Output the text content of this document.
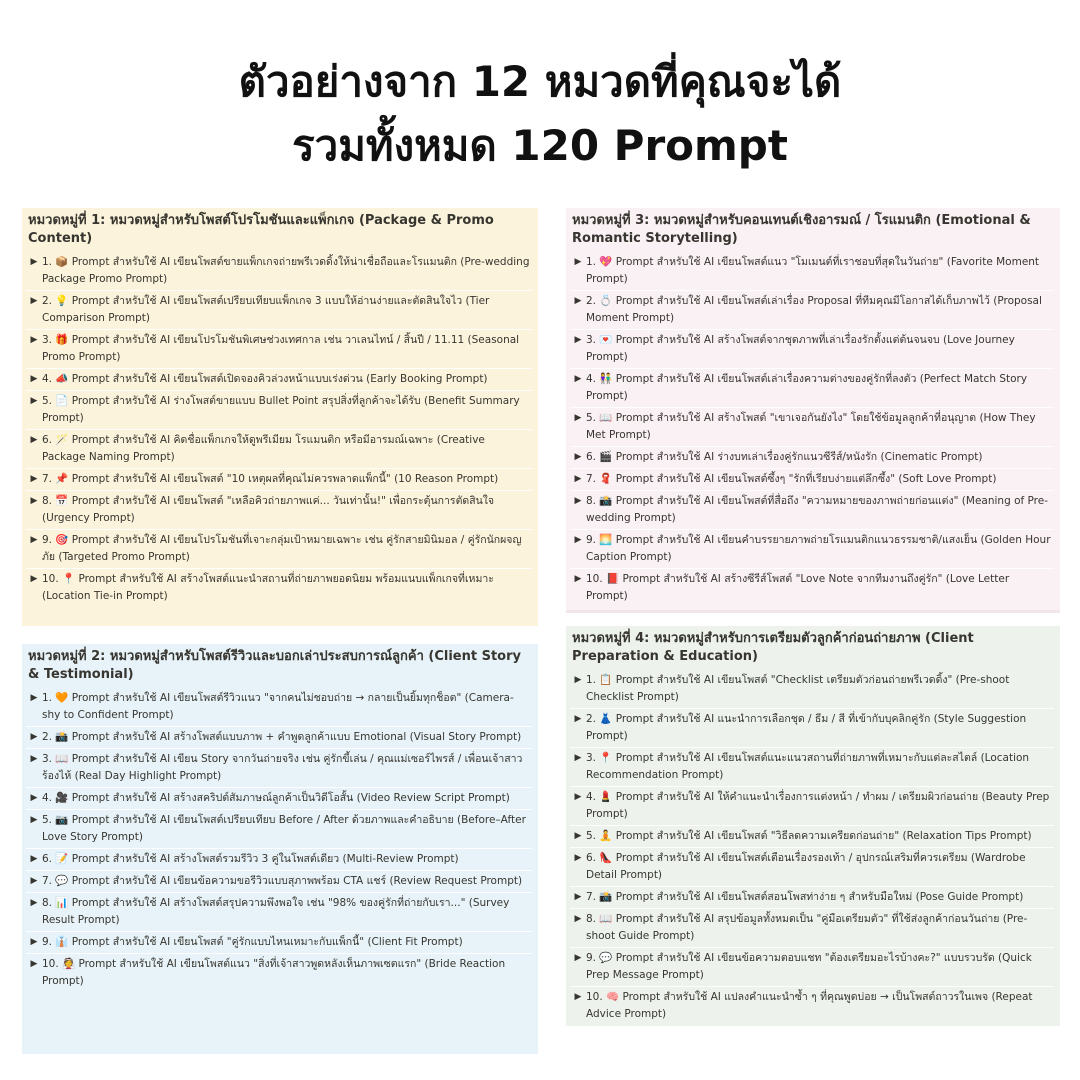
ตัวอย่างจาก 12 หมวดที่คุณจะได้
รวมทั้งหมด 120 Prompt
หมวดหมู่ที่ 1: หมวดหมู่สำหรับโพสต์โปรโมชันและแพ็กเกจ (Package & Promo Content)
▶ 1. 📦 Prompt สำหรับใช้ AI เขียนโพสต์ขายแพ็กเกจถ่ายพรีเวดดิ้งให้น่าเชื่อถือและโรแมนติก (Pre-wedding Package Promo Prompt)
▶ 2. 💡 Prompt สำหรับใช้ AI เขียนโพสต์เปรียบเทียบแพ็กเกจ 3 แบบให้อ่านง่ายและตัดสินใจไว (Tier Comparison Prompt)
▶ 3. 🎁 Prompt สำหรับใช้ AI เขียนโปรโมชันพิเศษช่วงเทศกาล เช่น วาเลนไทน์ / สิ้นปี / 11.11 (Seasonal Promo Prompt)
▶ 4. 📣 Prompt สำหรับใช้ AI เขียนโพสต์เปิดจองคิวล่วงหน้าแบบเร่งด่วน (Early Booking Prompt)
▶ 5. 📄 Prompt สำหรับใช้ AI ร่างโพสต์ขายแบบ Bullet Point สรุปสิ่งที่ลูกค้าจะได้รับ (Benefit Summary Prompt)
▶ 6. 🪄 Prompt สำหรับใช้ AI คิดชื่อแพ็กเกจให้ดูพรีเมียม โรแมนติก หรือมีอารมณ์เฉพาะ (Creative Package Naming Prompt)
▶ 7. 📌 Prompt สำหรับใช้ AI เขียนโพสต์ "10 เหตุผลที่คุณไม่ควรพลาดแพ็กนี้" (10 Reason Prompt)
▶ 8. 📅 Prompt สำหรับใช้ AI เขียนโพสต์ "เหลือคิวถ่ายภาพแค่... วันเท่านั้น!" เพื่อกระตุ้นการตัดสินใจ (Urgency Prompt)
▶ 9. 🎯 Prompt สำหรับใช้ AI เขียนโปรโมชันที่เจาะกลุ่มเป้าหมายเฉพาะ เช่น คู่รักสายมินิมอล / คู่รักนักผจญภัย (Targeted Promo Prompt)
▶ 10. 📍 Prompt สำหรับใช้ AI สร้างโพสต์แนะนำสถานที่ถ่ายภาพยอดนิยม พร้อมแนบแพ็กเกจที่เหมาะ (Location Tie-in Prompt)
หมวดหมู่ที่ 2: หมวดหมู่สำหรับโพสต์รีวิวและบอกเล่าประสบการณ์ลูกค้า (Client Story & Testimonial)
▶ 1. 🧡 Prompt สำหรับใช้ AI เขียนโพสต์รีวิวแนว "จากคนไม่ชอบถ่าย → กลายเป็นยิ้มทุกช็อต" (Camera-shy to Confident Prompt)
▶ 2. 📸 Prompt สำหรับใช้ AI สร้างโพสต์แบบภาพ + คำพูดลูกค้าแบบ Emotional (Visual Story Prompt)
▶ 3. 📖 Prompt สำหรับใช้ AI เขียน Story จากวันถ่ายจริง เช่น คู่รักขี้เล่น / คุณแม่เซอร์ไพรส์ / เพื่อนเจ้าสาวร้องไห้ (Real Day Highlight Prompt)
▶ 4. 🎥 Prompt สำหรับใช้ AI สร้างสคริปต์สัมภาษณ์ลูกค้าเป็นวิดีโอสั้น (Video Review Script Prompt)
▶ 5. 📷 Prompt สำหรับใช้ AI เขียนโพสต์เปรียบเทียบ Before / After ด้วยภาพและคำอธิบาย (Before–After Love Story Prompt)
▶ 6. 📝 Prompt สำหรับใช้ AI สร้างโพสต์รวมรีวิว 3 คู่ในโพสต์เดียว (Multi-Review Prompt)
▶ 7. 💬 Prompt สำหรับใช้ AI เขียนข้อความขอรีวิวแบบสุภาพพร้อม CTA แชร์ (Review Request Prompt)
▶ 8. 📊 Prompt สำหรับใช้ AI สร้างโพสต์สรุปความพึงพอใจ เช่น "98% ของคู่รักที่ถ่ายกับเรา..." (Survey Result Prompt)
▶ 9. 👔 Prompt สำหรับใช้ AI เขียนโพสต์ "คู่รักแบบไหนเหมาะกับแพ็กนี้" (Client Fit Prompt)
▶ 10. 👰 Prompt สำหรับใช้ AI เขียนโพสต์แนว "สิ่งที่เจ้าสาวพูดหลังเห็นภาพเซตแรก" (Bride Reaction Prompt)
หมวดหมู่ที่ 3: หมวดหมู่สำหรับคอนเทนต์เชิงอารมณ์ / โรแมนติก (Emotional & Romantic Storytelling)
▶ 1. 💖 Prompt สำหรับใช้ AI เขียนโพสต์แนว "โมเมนต์ที่เราชอบที่สุดในวันถ่าย" (Favorite Moment Prompt)
▶ 2. 💍 Prompt สำหรับใช้ AI เขียนโพสต์เล่าเรื่อง Proposal ที่ทีมคุณมีโอกาสได้เก็บภาพไว้ (Proposal Moment Prompt)
▶ 3. 💌 Prompt สำหรับใช้ AI สร้างโพสต์จากชุดภาพที่เล่าเรื่องรักตั้งแต่ต้นจนจบ (Love Journey Prompt)
▶ 4. 👫 Prompt สำหรับใช้ AI เขียนโพสต์เล่าเรื่องความต่างของคู่รักที่ลงตัว (Perfect Match Story Prompt)
▶ 5. 📖 Prompt สำหรับใช้ AI สร้างโพสต์ "เขาเจอกันยังไง" โดยใช้ข้อมูลลูกค้าที่อนุญาต (How They Met Prompt)
▶ 6. 🎬 Prompt สำหรับใช้ AI ร่างบทเล่าเรื่องคู่รักแนวซีรีส์/หนังรัก (Cinematic Prompt)
▶ 7. 🧣 Prompt สำหรับใช้ AI เขียนโพสต์ซึ้งๆ "รักที่เรียบง่ายแต่ลึกซึ้ง" (Soft Love Prompt)
▶ 8. 📸 Prompt สำหรับใช้ AI เขียนโพสต์ที่สื่อถึง "ความหมายของภาพถ่ายก่อนแต่ง" (Meaning of Pre-wedding Prompt)
▶ 9. 🌅 Prompt สำหรับใช้ AI เขียนคำบรรยายภาพถ่ายโรแมนติกแนวธรรมชาติ/แสงเย็น (Golden Hour Caption Prompt)
▶ 10. 📕 Prompt สำหรับใช้ AI สร้างซีรีส์โพสต์ "Love Note จากทีมงานถึงคู่รัก" (Love Letter Prompt)
หมวดหมู่ที่ 4: หมวดหมู่สำหรับการเตรียมตัวลูกค้าก่อนถ่ายภาพ (Client Preparation & Education)
▶ 1. 📋 Prompt สำหรับใช้ AI เขียนโพสต์ "Checklist เตรียมตัวก่อนถ่ายพรีเวดดิ้ง" (Pre-shoot Checklist Prompt)
▶ 2. 👗 Prompt สำหรับใช้ AI แนะนำการเลือกชุด / ธีม / สี ที่เข้ากับบุคลิกคู่รัก (Style Suggestion Prompt)
▶ 3. 📍 Prompt สำหรับใช้ AI เขียนโพสต์แนะแนวสถานที่ถ่ายภาพที่เหมาะกับแต่ละสไตล์ (Location Recommendation Prompt)
▶ 4. 💄 Prompt สำหรับใช้ AI ให้คำแนะนำเรื่องการแต่งหน้า / ทำผม / เตรียมผิวก่อนถ่าย (Beauty Prep Prompt)
▶ 5. 🧘 Prompt สำหรับใช้ AI เขียนโพสต์ "วิธีลดความเครียดก่อนถ่าย" (Relaxation Tips Prompt)
▶ 6. 👠 Prompt สำหรับใช้ AI เขียนโพสต์เตือนเรื่องรองเท้า / อุปกรณ์เสริมที่ควรเตรียม (Wardrobe Detail Prompt)
▶ 7. 📸 Prompt สำหรับใช้ AI เขียนโพสต์สอนโพสท่าง่าย ๆ สำหรับมือใหม่ (Pose Guide Prompt)
▶ 8. 📖 Prompt สำหรับใช้ AI สรุปข้อมูลทั้งหมดเป็น "คู่มือเตรียมตัว" ที่ใช้ส่งลูกค้าก่อนวันถ่าย (Pre-shoot Guide Prompt)
▶ 9. 💬 Prompt สำหรับใช้ AI เขียนข้อความตอบแชท "ต้องเตรียมอะไรบ้างคะ?" แบบรวบรัด (Quick Prep Message Prompt)
▶ 10. 🧠 Prompt สำหรับใช้ AI แปลงคำแนะนำซ้ำ ๆ ที่คุณพูดบ่อย → เป็นโพสต์ถาวรในเพจ (Repeat Advice Prompt)
